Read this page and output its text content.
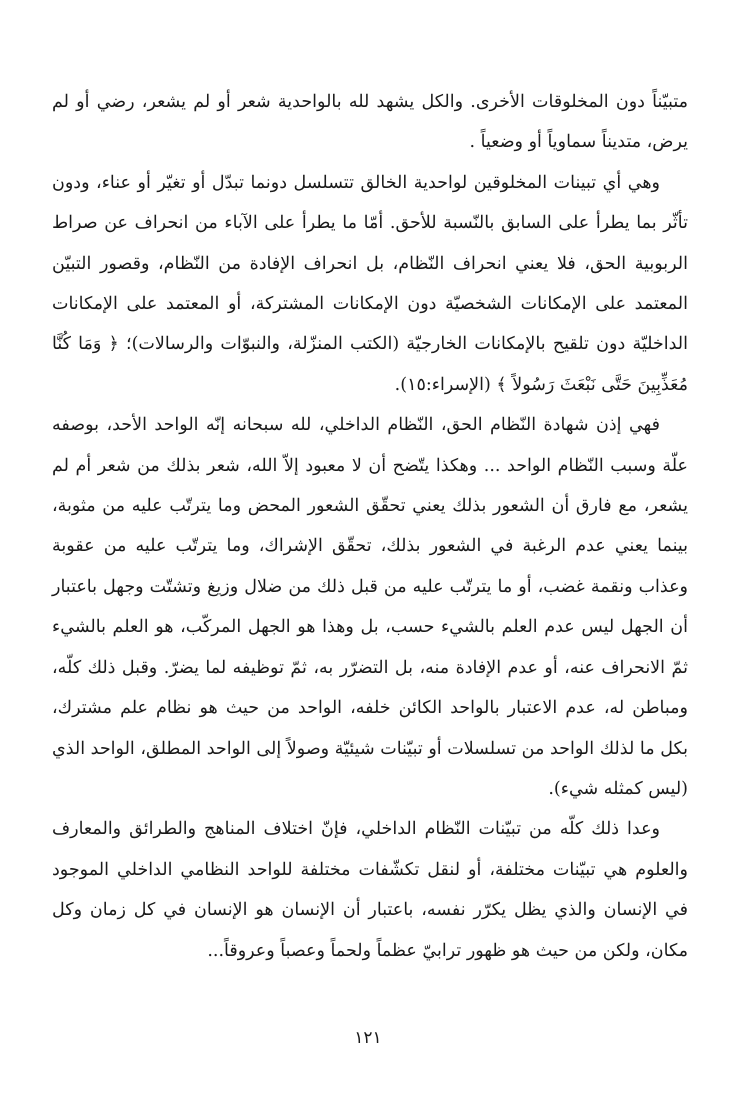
متبيّناً دون المخلوقات الأخرى. والكل يشهد لله بالواحدية شعر أو لم يشعر، رضي أو لم يرض، متديناً سماوياً أو وضعياً .

وهي أي تبينات المخلوقين لواحدية الخالق تتسلسل دونما تبدّل أو تغيّر أو عناء، ودون تأثّر بما يطرأ على السابق بالنّسبة للأحق. أمّا ما يطرأ على الآباء من انحراف عن صراط الربوبية الحق، فلا يعني انحراف النّظام، بل انحراف الإفادة من النّظام، وقصور التبيّن المعتمد على الإمكانات الشخصيّة دون الإمكانات المشتركة، أو المعتمد على الإمكانات الداخليّة دون تلقيح بالإمكانات الخارجيّة (الكتب المنزّلة، والنبوّات والرسالات)؛ ﴿ وَمَا كُنَّا مُعَذِّبِينَ حَتَّى نَبْعَثَ رَسُولاً ﴾ (الإسراء:١٥).

فهي إذن شهادة النّظام الحق، النّظام الداخلي، لله سبحانه إنّه الواحد الأحد، بوصفه علّة وسبب النّظام الواحد ... وهكذا يتّضح أن لا معبود إلاّ الله، شعر بذلك من شعر أم لم يشعر، مع فارق أن الشعور بذلك يعني تحقّق الشعور المحض وما يترتّب عليه من مثوبة، بينما يعني عدم الرغبة في الشعور بذلك، تحقّق الإشراك، وما يترتّب عليه من عقوبة وعذاب ونقمة غضب، أو ما يترتّب عليه من قبل ذلك من ضلال وزيغ وتشتّت وجهل باعتبار أن الجهل ليس عدم العلم بالشيء حسب، بل وهذا هو الجهل المركّب، هو العلم بالشيء ثمّ الانحراف عنه، أو عدم الإفادة منه، بل التضرّر به، ثمّ توظيفه لما يضرّ. وقبل ذلك كلّه، ومباطن له، عدم الاعتبار بالواحد الكائن خلفه، الواحد من حيث هو نظام علم مشترك، بكل ما لذلك الواحد من تسلسلات أو تبيّنات شيئيّة وصولاً إلى الواحد المطلق، الواحد الذي (ليس كمثله شيء).

وعدا ذلك كلّه من تبيّنات النّظام الداخلي، فإنّ اختلاف المناهج والطرائق والمعارف والعلوم هي تبيّنات مختلفة، أو لنقل تكشّفات مختلفة للواحد النظامي الداخلي الموجود في الإنسان والذي يظل يكرّر نفسه، باعتبار أن الإنسان هو الإنسان في كل زمان وكل مكان، ولكن من حيث هو ظهور ترابيّ عظماً ولحماً وعصباً وعروقاً...

١٢١
